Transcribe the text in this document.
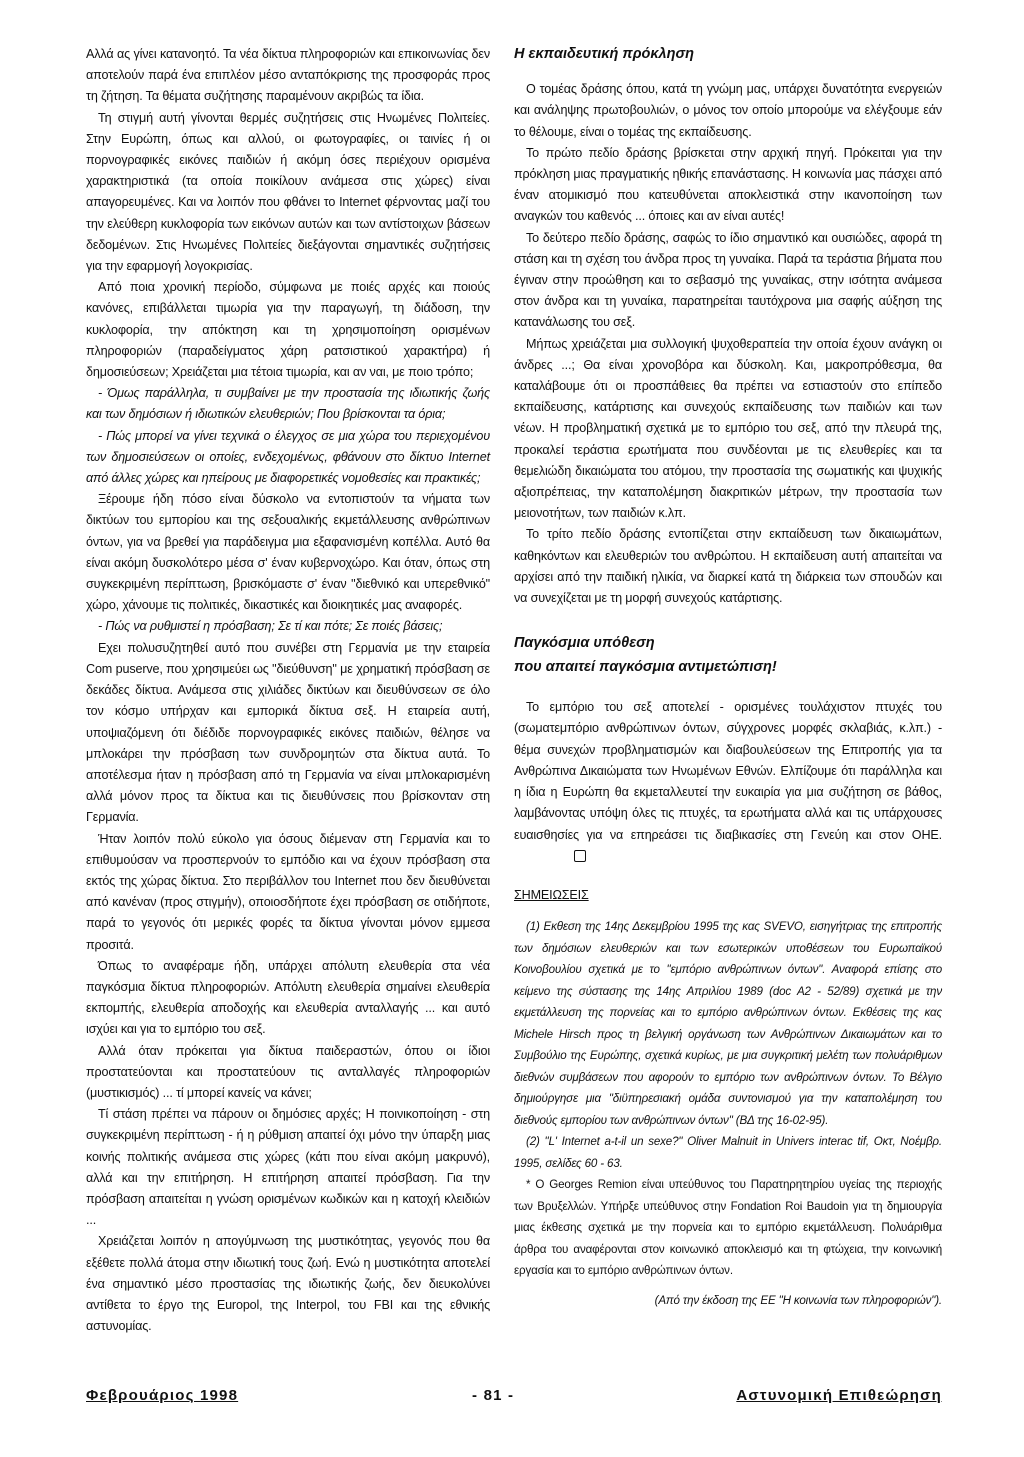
Αλλά ας γίνει κατανοητό. Τα νέα δίκτυα πληροφοριών και επικοινωνίας δεν αποτελούν παρά ένα επιπλέον μέσο ανταπόκρισης της προσφοράς προς τη ζήτηση. Τα θέματα συζήτησης παραμένουν ακριβώς τα ίδια.

Τη στιγμή αυτή γίνονται θερμές συζητήσεις στις Ηνωμένες Πολιτείες. Στην Ευρώπη, όπως και αλλού, οι φωτογραφίες, οι ταινίες ή οι πορνογραφικές εικόνες παιδιών ή ακόμη όσες περιέχουν ορισμένα χαρακτηριστικά (τα οποία ποικίλουν ανάμεσα στις χώρες) είναι απαγορευμένες. Και να λοιπόν που φθάνει το Internet φέρνοντας μαζί του την ελεύθερη κυκλοφορία των εικόνων αυτών και των αντίστοιχων βάσεων δεδομένων. Στις Ηνωμένες Πολιτείες διεξάγονται σημαντικές συζητήσεις για την εφαρμογή λογοκρισίας.

Από ποια χρονική περίοδο, σύμφωνα με ποιές αρχές και ποιούς κανόνες, επιβάλλεται τιμωρία για την παραγωγή, τη διάδοση, την κυκλοφορία, την απόκτηση και τη χρησιμοποίηση ορισμένων πληροφοριών (παραδείγματος χάρη ρατσιστικού χαρακτήρα) ή δημοσιεύσεων; Χρειάζεται μια τέτοια τιμωρία, και αν ναι, με ποιο τρόπο;

- Όμως παράλληλα, τι συμβαίνει με την προστασία της ιδιωτικής ζωής και των δημόσιων ή ιδιωτικών ελευθεριών; Που βρίσκονται τα όρια;

- Πώς μπορεί να γίνει τεχνικά ο έλεγχος σε μια χώρα του περιεχομένου των δημοσιεύσεων οι οποίες, ενδεχομένως, φθάνουν στο δίκτυο Internet από άλλες χώρες και ηπείρους με διαφορετικές νομοθεσίες και πρακτικές;

Ξέρουμε ήδη πόσο είναι δύσκολο να εντοπιστούν τα νήματα των δικτύων του εμπορίου και της σεξουαλικής εκμετάλλευσης ανθρώπινων όντων, για να βρεθεί για παράδειγμα μια εξαφανισμένη κοπέλλα. Αυτό θα είναι ακόμη δυσκολότερο μέσα σ' έναν κυβερνοχώρο. Και όταν, όπως στη συγκεκριμένη περίπτωση, βρισκόμαστε σ' έναν "διεθνικό και υπερεθνικό" χώρο, χάνουμε τις πολιτικές, δικαστικές και διοικητικές μας αναφορές.

- Πώς να ρυθμιστεί η πρόσβαση; Σε τί και πότε; Σε ποιές βάσεις;

Εχει πολυσυζητηθεί αυτό που συνέβει στη Γερμανία με την εταιρεία Com puserve, που χρησιμεύει ως "διεύθυνση" με χρηματική πρόσβαση σε δεκάδες δίκτυα. Ανάμεσα στις χιλιάδες δικτύων και διευθύνσεων σε όλο τον κόσμο υπήρχαν και εμπορικά δίκτυα σεξ. Η εταιρεία αυτή, υποψιαζόμενη ότι διέδιδε πορνογραφικές εικόνες παιδιών, θέλησε να μπλοκάρει την πρόσβαση των συνδρομητών στα δίκτυα αυτά. Το αποτέλεσμα ήταν η πρόσβαση από τη Γερμανία να είναι μπλοκαρισμένη αλλά μόνον προς τα δίκτυα και τις διευθύνσεις που βρίσκονταν στη Γερμανία.

Ήταν λοιπόν πολύ εύκολο για όσους διέμεναν στη Γερμανία και το επιθυμούσαν να προσπερνούν το εμπόδιο και να έχουν πρόσβαση στα εκτός της χώρας δίκτυα. Στο περιβάλλον του Internet που δεν διευθύνεται από κανέναν (προς στιγμήν), οποιοσδήποτε έχει πρόσβαση σε οτιδήποτε, παρά το γεγονός ότι μερικές φορές τα δίκτυα γίνονται μόνον εμμεσα προσιτά.

Όπως το αναφέραμε ήδη, υπάρχει απόλυτη ελευθερία στα νέα παγκόσμια δίκτυα πληροφοριών. Απόλυτη ελευθερία σημαίνει ελευθερία εκπομπής, ελευθερία αποδοχής και ελευθερία ανταλλαγής ... και αυτό ισχύει και για το εμπόριο του σεξ.

Αλλά όταν πρόκειται για δίκτυα παιδεραστών, όπου οι ίδιοι προστατεύονται και προστατεύουν τις ανταλλαγές πληροφοριών (μυστικισμός) ... τί μπορεί κανείς να κάνει;

Τί στάση πρέπει να πάρουν οι δημόσιες αρχές; Η ποινικοποίηση - στη συγκεκριμένη περίπτωση - ή η ρύθμιση απαιτεί όχι μόνο την ύπαρξη μιας κοινής πολιτικής ανάμεσα στις χώρες (κάτι που είναι ακόμη μακρυνό), αλλά και την επιτήρηση. Η επιτήρηση απαιτεί πρόσβαση. Για την πρόσβαση απαιτείται η γνώση ορισμένων κωδικών και η κατοχή κλειδιών ...

Χρειάζεται λοιπόν η απογύμνωση της μυστικότητας, γεγονός που θα εξέθετε πολλά άτομα στην ιδιωτική τους ζωή. Ενώ η μυστικότητα αποτελεί ένα σημαντικό μέσο προστασίας της ιδιωτικής ζωής, δεν διευκολύνει αντίθετα το έργο της Europol, της Interpol, του FBI και της εθνικής αστυνομίας.

Η εκπαιδευτική πρόκληση

Ο τομέας δράσης όπου, κατά τη γνώμη μας, υπάρχει δυνατότητα ενεργειών και ανάληψης πρωτοβουλιών, ο μόνος τον οποίο μπορούμε να ελέγξουμε εάν το θέλουμε, είναι ο τομέας της εκπαίδευσης.

Το πρώτο πεδίο δράσης βρίσκεται στην αρχική πηγή. Πρόκειται για την πρόκληση μιας πραγματικής ηθικής επανάστασης. Η κοινωνία μας πάσχει από έναν ατομικισμό που κατευθύνεται αποκλειστικά στην ικανοποίηση των αναγκών του καθενός ... όποιες και αν είναι αυτές!

Το δεύτερο πεδίο δράσης, σαφώς το ίδιο σημαντικό και ουσιώδες, αφορά τη στάση και τη σχέση του άνδρα προς τη γυναίκα. Παρά τα τεράστια βήματα που έγιναν στην προώθηση και το σεβασμό της γυναίκας, στην ισότητα ανάμεσα στον άνδρα και τη γυναίκα, παρατηρείται ταυτόχρονα μια σαφής αύξηση της κατανάλωσης του σεξ.

Μήπως χρειάζεται μια συλλογική ψυχοθεραπεία την οποία έχουν ανάγκη οι άνδρες ...; Θα είναι χρονοβόρα και δύσκολη. Και, μακροπρόθεσμα, θα καταλάβουμε ότι οι προσπάθειες θα πρέπει να εστιαστούν στο επίπεδο εκπαίδευσης, κατάρτισης και συνεχούς εκπαίδευσης των παιδιών και των νέων. Η προβληματική σχετικά με το εμπόριο του σεξ, από την πλευρά της, προκαλεί τεράστια ερωτήματα που συνδέονται με τις ελευθερίες και τα θεμελιώδη δικαιώματα του ατόμου, την προστασία της σωματικής και ψυχικής αξιοπρέπειας, την καταπολέμηση διακριτικών μέτρων, την προστασία των μειονοτήτων, των παιδιών κ.λπ.

Το τρίτο πεδίο δράσης εντοπίζεται στην εκπαίδευση των δικαιωμάτων, καθηκόντων και ελευθεριών του ανθρώπου. Η εκπαίδευση αυτή απαιτείται να αρχίσει από την παιδική ηλικία, να διαρκεί κατά τη διάρκεια των σπουδών και να συνεχίζεται με τη μορφή συνεχούς κατάρτισης.

Παγκόσμια υπόθεση
που απαιτεί παγκόσμια αντιμετώπιση!

Το εμπόριο του σεξ αποτελεί - ορισμένες τουλάχιστον πτυχές του (σωματεμπόριο ανθρώπινων όντων, σύγχρονες μορφές σκλαβιάς, κ.λπ.) - θέμα συνεχών προβληματισμών και διαβουλεύσεων της Επιτροπής για τα Ανθρώπινα Δικαιώματα των Ηνωμένων Εθνών. Ελπίζουμε ότι παράλληλα και η ίδια η Ευρώπη θα εκμεταλλευτεί την ευκαιρία για μια συζήτηση σε βάθος, λαμβάνοντας υπόψη όλες τις πτυχές, τα ερωτήματα αλλά και τις υπάρχουσες ευαισθησίες για να επηρεάσει τις διαβικασίες στη Γενεύη και στον ΟΗΕ.

ΣΗΜΕΙΩΣΕΙΣ

(1) Εκθεση της 14ης Δεκεμβρίου 1995 της κας SVEVO, εισηγήτριας της επιτροπής των δημόσιων ελευθεριών και των εσωτερικών υποθέσεων του Ευρωπαϊκού Κοινοβουλίου σχετικά με το "εμπόριο ανθρώπινων όντων". Αναφορά επίσης στο κείμενο της σύστασης της 14ης Απριλίου 1989 (doc A2 - 52/89) σχετικά με την εκμετάλλευση της πορνείας και το εμπόριο ανθρώπινων όντων. Εκθέσεις της κας Michele Hirsch προς τη βελγική οργάνωση των Ανθρώπινων Δικαιωμάτων και το Συμβούλιο της Ευρώπης, σχετικά κυρίως, με μια συγκριτική μελέτη των πολυάριθμων διεθνών συμβάσεων που αφορούν το εμπόριο των ανθρώπινων όντων. Το Βέλγιο δημιούργησε μια "διϋπηρεσιακή ομάδα συντονισμού για την καταπολέμηση του διεθνούς εμπορίου των ανθρώπινων όντων" (ΒΔ της 16-02-95).

(2) "L' Internet a-t-il un sexe?" Oliver Malnuit in Univers interac tif, Οκτ, Νοέμβρ. 1995, σελίδες 60 - 63.

* Ο Georges Remion είναι υπεύθυνος του Παρατηρητηρίου υγείας της περιοχής των Βρυξελλών. Υπήρξε υπεύθυνος στην Fondation Roi Baudoin για τη δημιουργία μιας έκθεσης σχετικά με την πορνεία και το εμπόριο εκμετάλλευση. Πολυάριθμα άρθρα του αναφέρονται στον κοινωνικό αποκλεισμό και τη φτώχεια, την κοινωνική εργασία και το εμπόριο ανθρώπινων όντων.

(Από την έκδοση της ΕΕ "Η κοινωνία των πληροφοριών").

Φεβρουάριος 1998	- 81 -	Αστυνομική Επιθεώρηση
